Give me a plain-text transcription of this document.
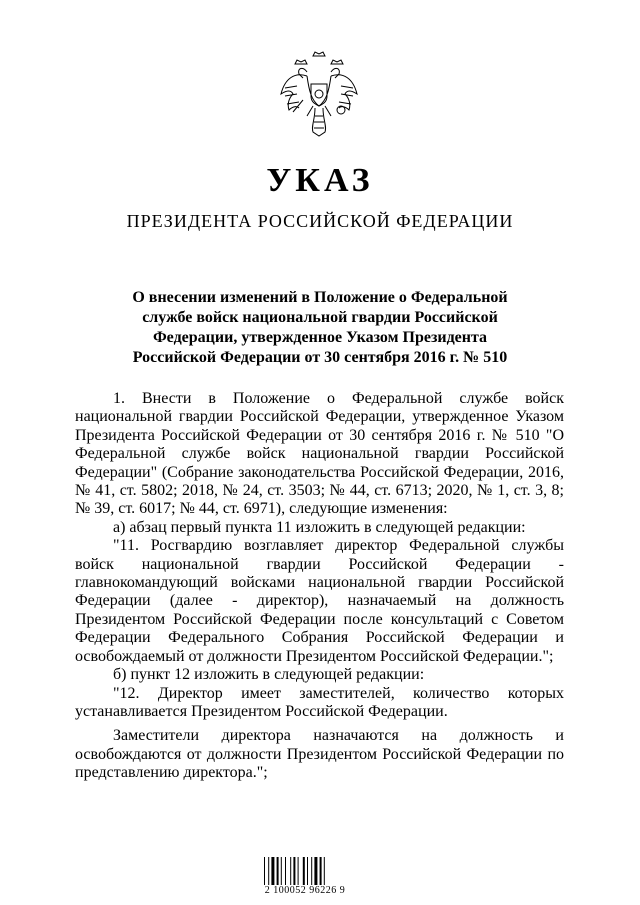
УКАЗ
ПРЕЗИДЕНТА РОССИЙСКОЙ ФЕДЕРАЦИИ
О внесении изменений в Положение о Федеральной
службе войск национальной гвардии Российской
Федерации, утвержденное Указом Президента
Российской Федерации от 30 сентября 2016 г. № 510

1. Внести в Положение о Федеральной службе войск национальной гвардии Российской Федерации, утвержденное Указом Президента Российской Федерации от 30 сентября 2016 г. № 510 "О Федеральной службе войск национальной гвардии Российской Федерации" (Собрание законодательства Российской Федерации, 2016, № 41, ст. 5802; 2018, № 24, ст. 3503; № 44, ст. 6713; 2020, № 1, ст. 3, 8; № 39, ст. 6017; № 44, ст. 6971), следующие изменения:

а) абзац первый пункта 11 изложить в следующей редакции:

"11. Росгвардию возглавляет директор Федеральной службы войск национальной гвардии Российской Федерации - главнокомандующий войсками национальной гвардии Российской Федерации (далее - директор), назначаемый на должность Президентом Российской Федерации после консультаций с Советом Федерации Федерального Собрания Российской Федерации и освобождаемый от должности Президентом Российской Федерации.";

б) пункт 12 изложить в следующей редакции:

"12. Директор имеет заместителей, количество которых устанавливается Президентом Российской Федерации.

Заместители директора назначаются на должность и освобождаются от должности Президентом Российской Федерации по представлению директора.";

2 100052 96226 9
